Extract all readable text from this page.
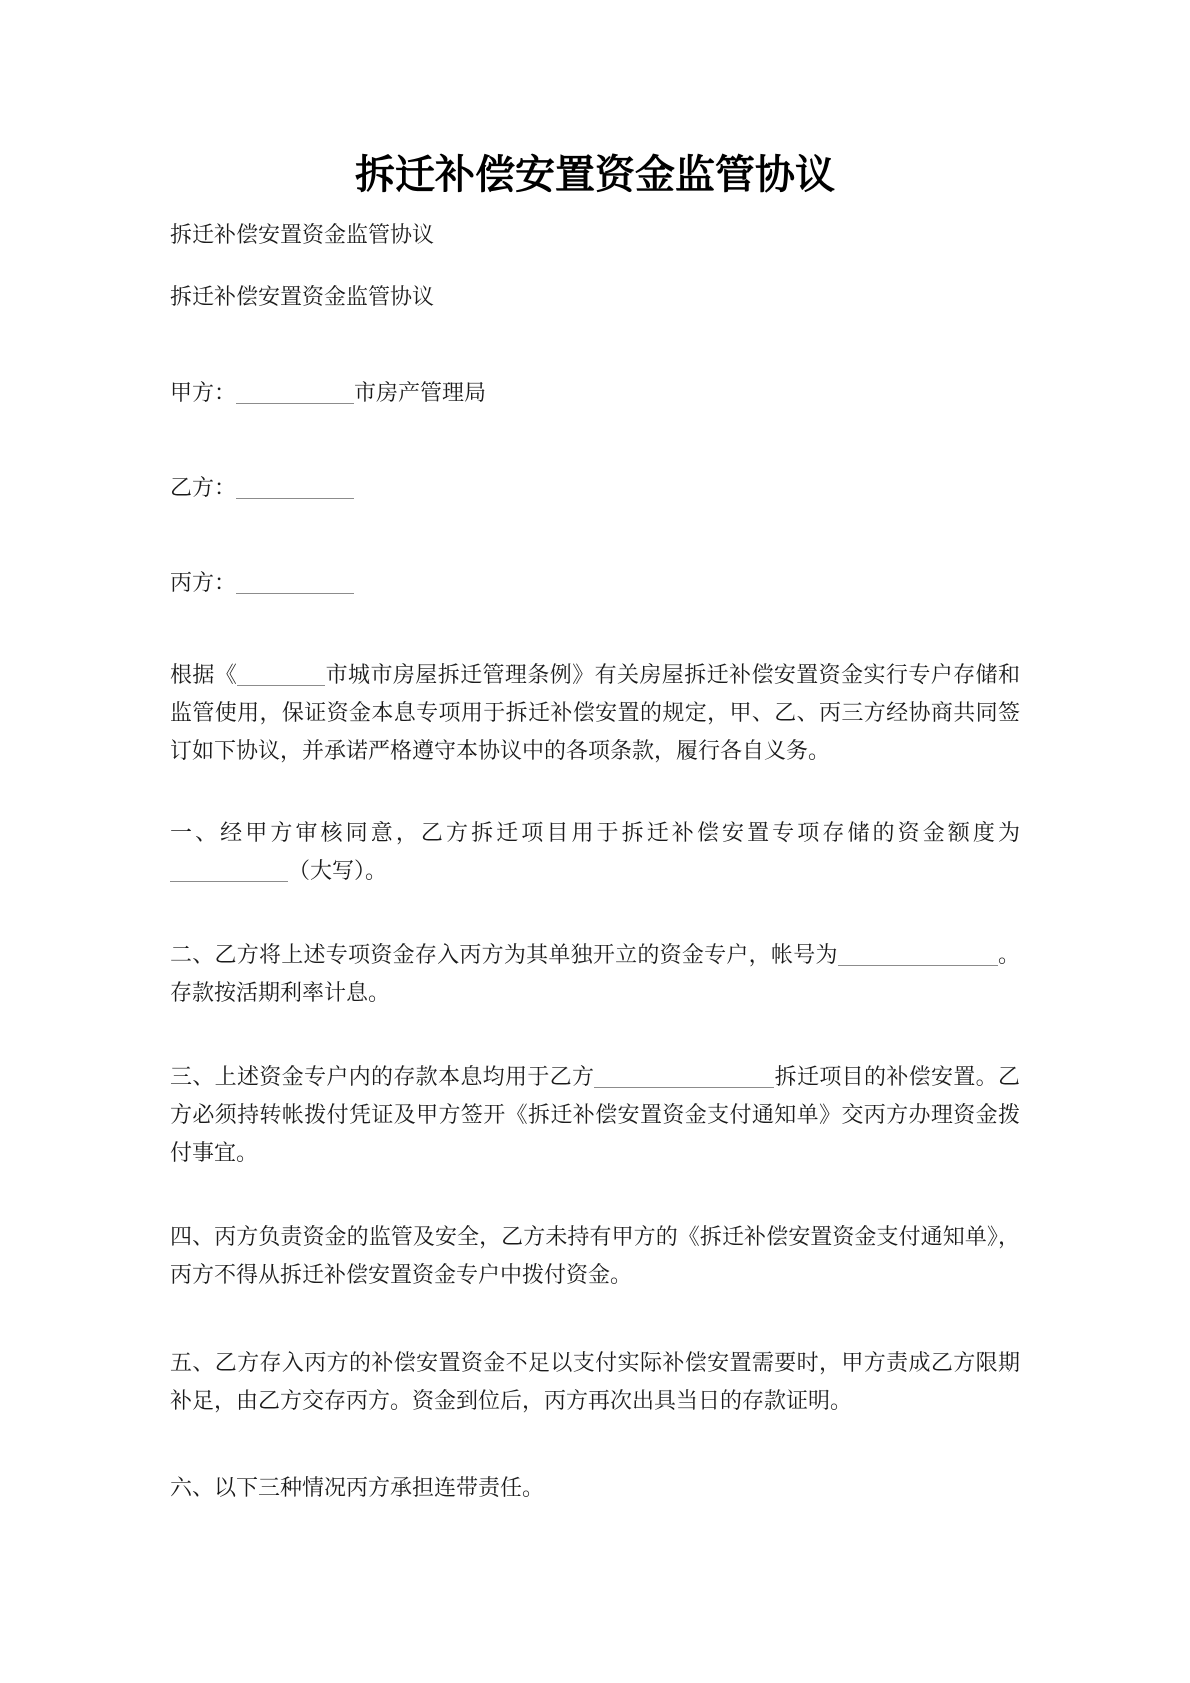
拆迁补偿安置资金监管协议

拆迁补偿安置资金监管协议

拆迁补偿安置资金监管协议

甲方：	市房产管理局

乙方：

丙方：

根据《	市城市房屋拆迁管理条例》有关房屋拆迁补偿安置资金实行专户存储和监管使用，保证资金本息专项用于拆迁补偿安置的规定，甲、乙、丙三方经协商共同签订如下协议，并承诺严格遵守本协议中的各项条款，履行各自义务。

一、经甲方审核同意，乙方拆迁项目用于拆迁补偿安置专项存储的资金额度为（大写）。

二、乙方将上述专项资金存入丙方为其单独开立的资金专户，帐号为	。存款按活期利率计息。

三、上述资金专户内的存款本息均用于乙方	拆迁项目的补偿安置。乙方必须持转帐拨付凭证及甲方签开《拆迁补偿安置资金支付通知单》交丙方办理资金拨付事宜。

四、丙方负责资金的监管及安全，乙方未持有甲方的《拆迁补偿安置资金支付通知单》，丙方不得从拆迁补偿安置资金专户中拨付资金。

五、乙方存入丙方的补偿安置资金不足以支付实际补偿安置需要时，甲方责成乙方限期补足，由乙方交存丙方。资金到位后，丙方再次出具当日的存款证明。

六、以下三种情况丙方承担连带责任。
